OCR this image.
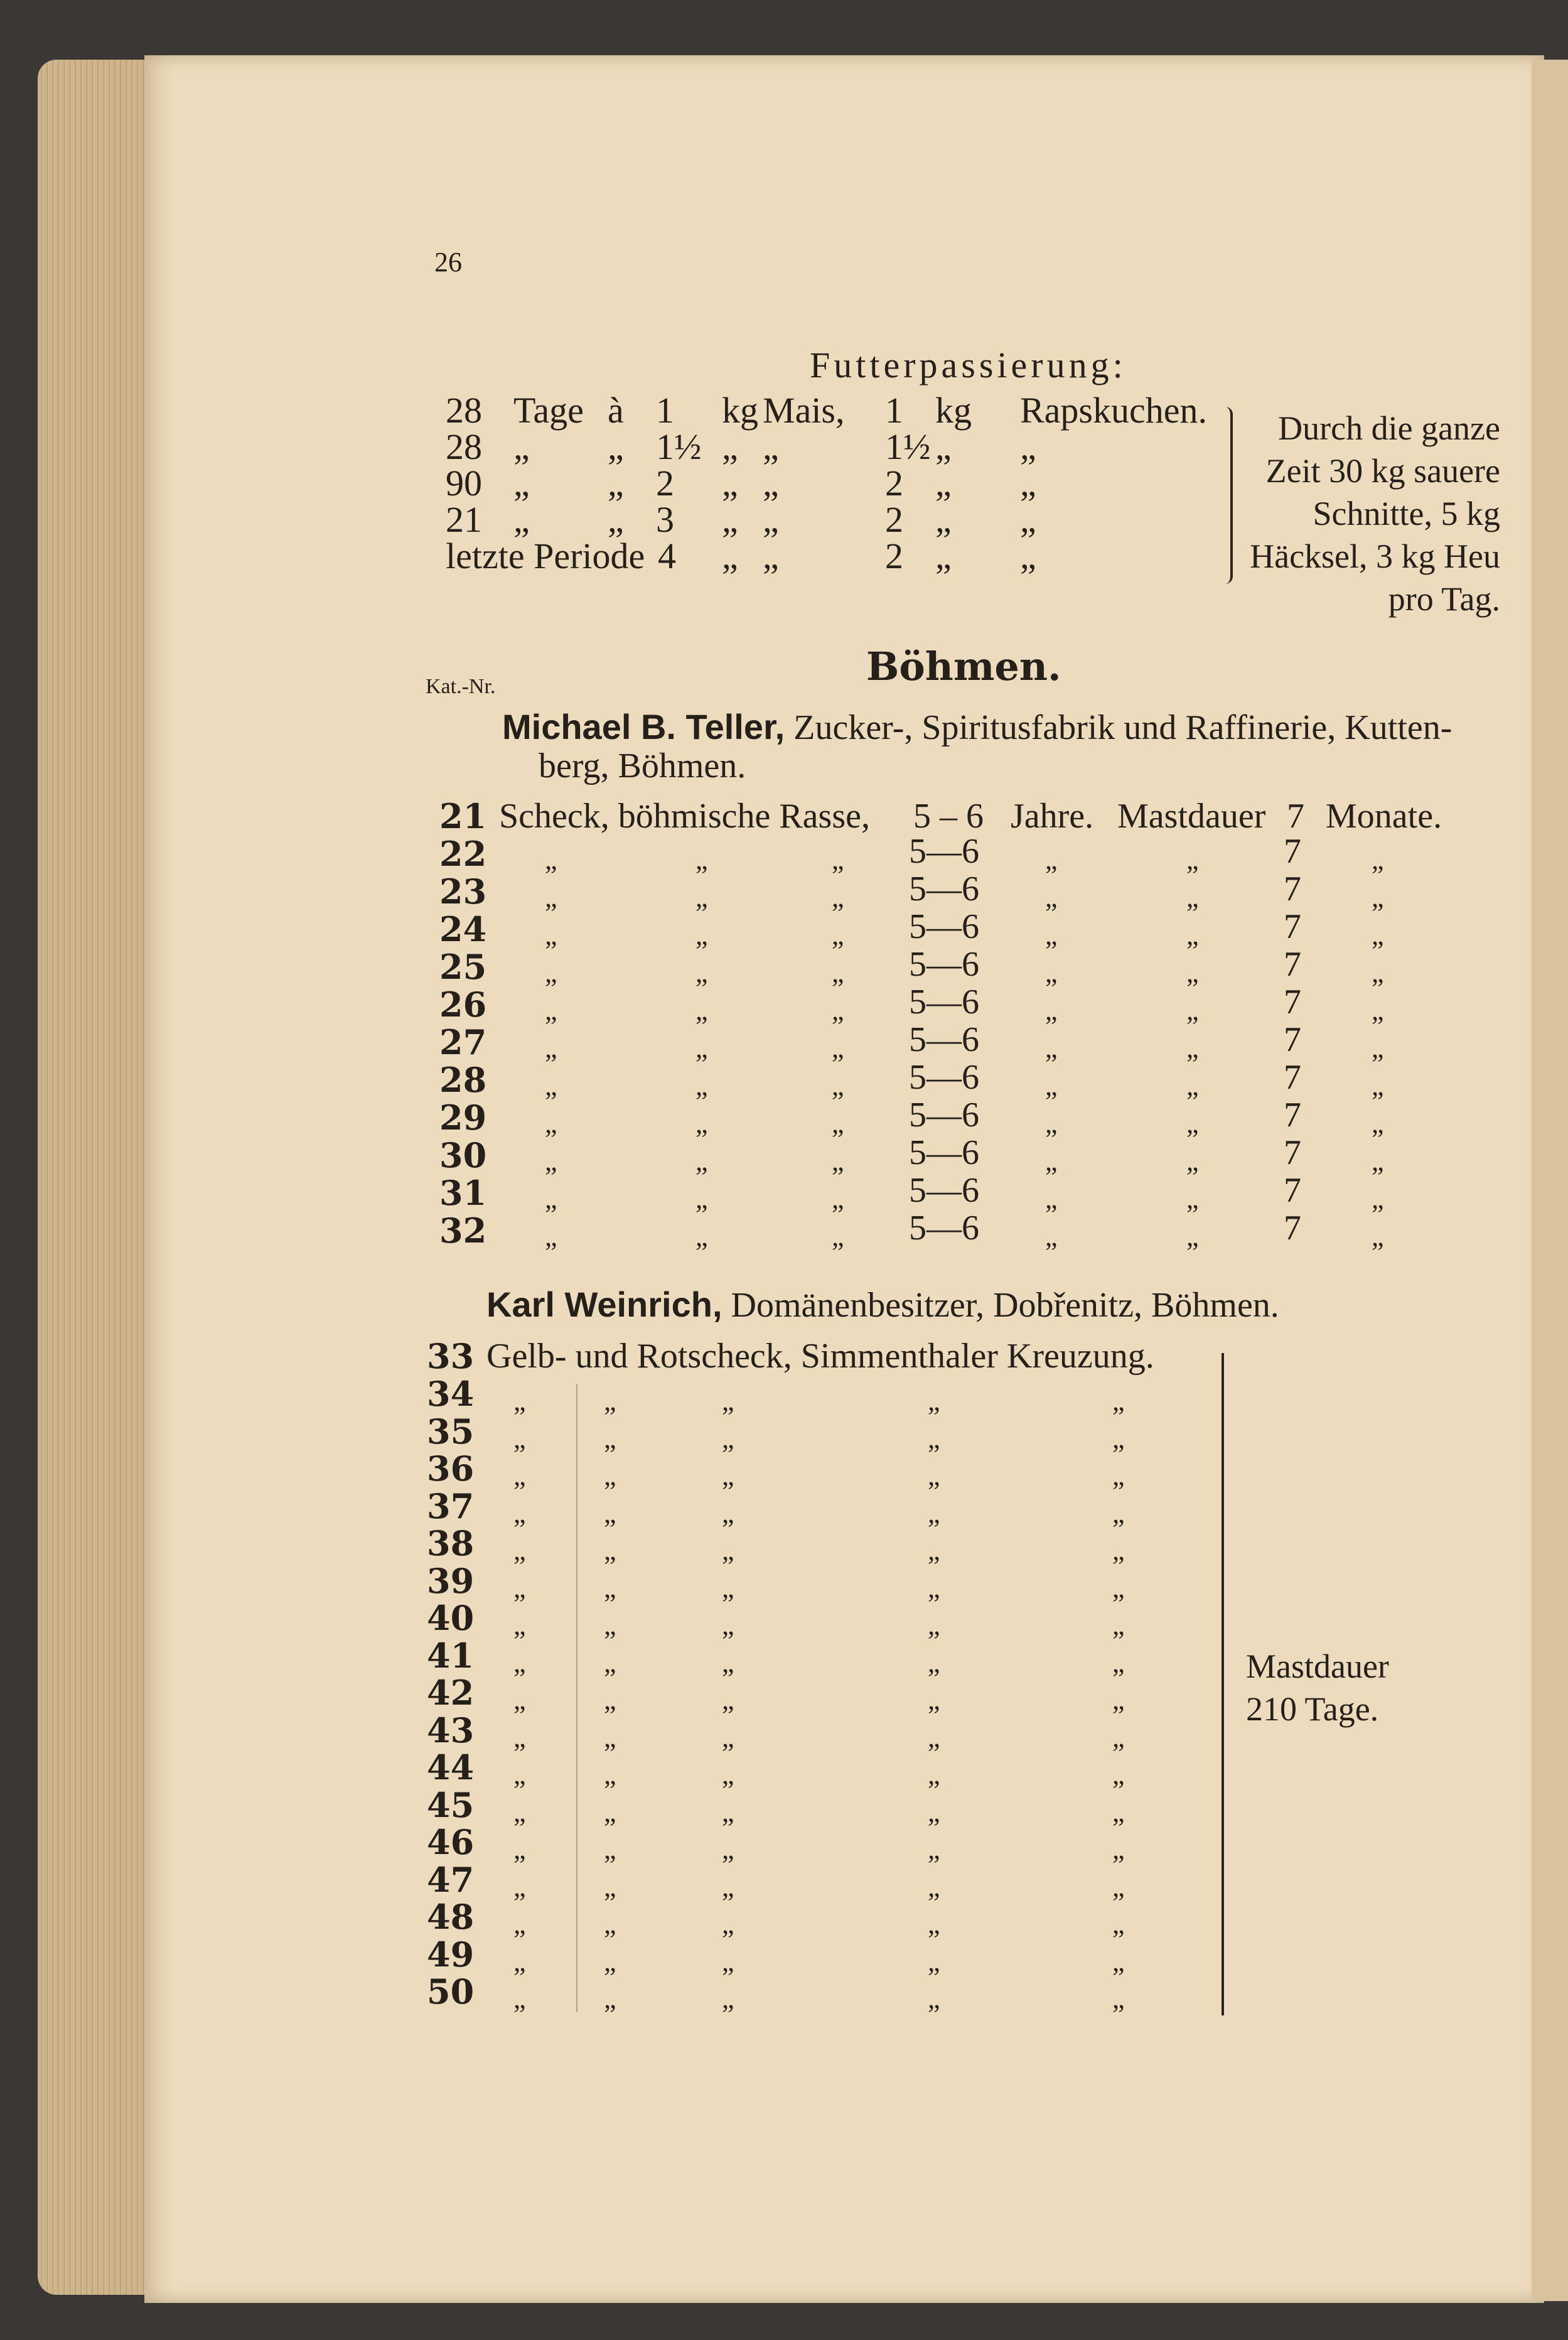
26
Futterpassierung:
28 Tage à 1 kg Mais, 1 kg Rapskuchen.
28 „ „ 1½ „ „	1½ „ „
90 „ „ 2 „ „	2 „ „
21 „ „ 3 „ „	2 „ „
letzte Periode 4 „ „	2 „ „
Durch die ganze Zeit 30 kg sauere Schnitte, 5 kg Häcksel, 3 kg Heu pro Tag.
Böhmen.
Kat.-Nr.
Michael B. Teller, Zucker-, Spiritusfabrik und Raffinerie, Kutten-
berg, Böhmen.
21 Scheck, böhmische Rasse, 5 – 6 Jahre. Mastdauer 7 Monate.
22 „	„	„ 5—6 „	„ 7	„
23 „	„	„ 5—6 „	„ 7	„
24 „	„	„ 5—6 „	„ 7	„
25 „	„	„ 5—6 „	„ 7	„
26 „	„	„ 5—6 „	„ 7	„
27 „	„	„ 5—6 „	„ 7	„
28 „	„	„ 5—6 „	„ 7	„
29 „	„	„ 5—6 „	„ 7	„
30 „	„	„ 5—6 „	„ 7	„
31 „	„	„ 5—6 „	„ 7	„
32 „	„	„ 5—6 „	„ 7	„
Karl Weinrich, Domänenbesitzer, Dobřenitz, Böhmen.
33 Gelb- und Rotscheck, Simmenthaler Kreuzung.
34 „	„	„	„	„
35 „	„	„	„	„
36 „	„	„	„	„
37 „	„	„	„	„
38 „	„	„	„	„
39 „	„	„	„	„
40 „	„	„	„	„
41 „	„	„	„	„
42 „	„	„	„	„
43 „	„	„	„	„
44 „	„	„	„	„
45 „	„	„	„	„
46 „	„	„	„	„
47 „	„	„	„	„
48 „	„	„	„	„
49 „	„	„	„	„
50 „	„	„	„	„
Mastdauer
210 Tage.
